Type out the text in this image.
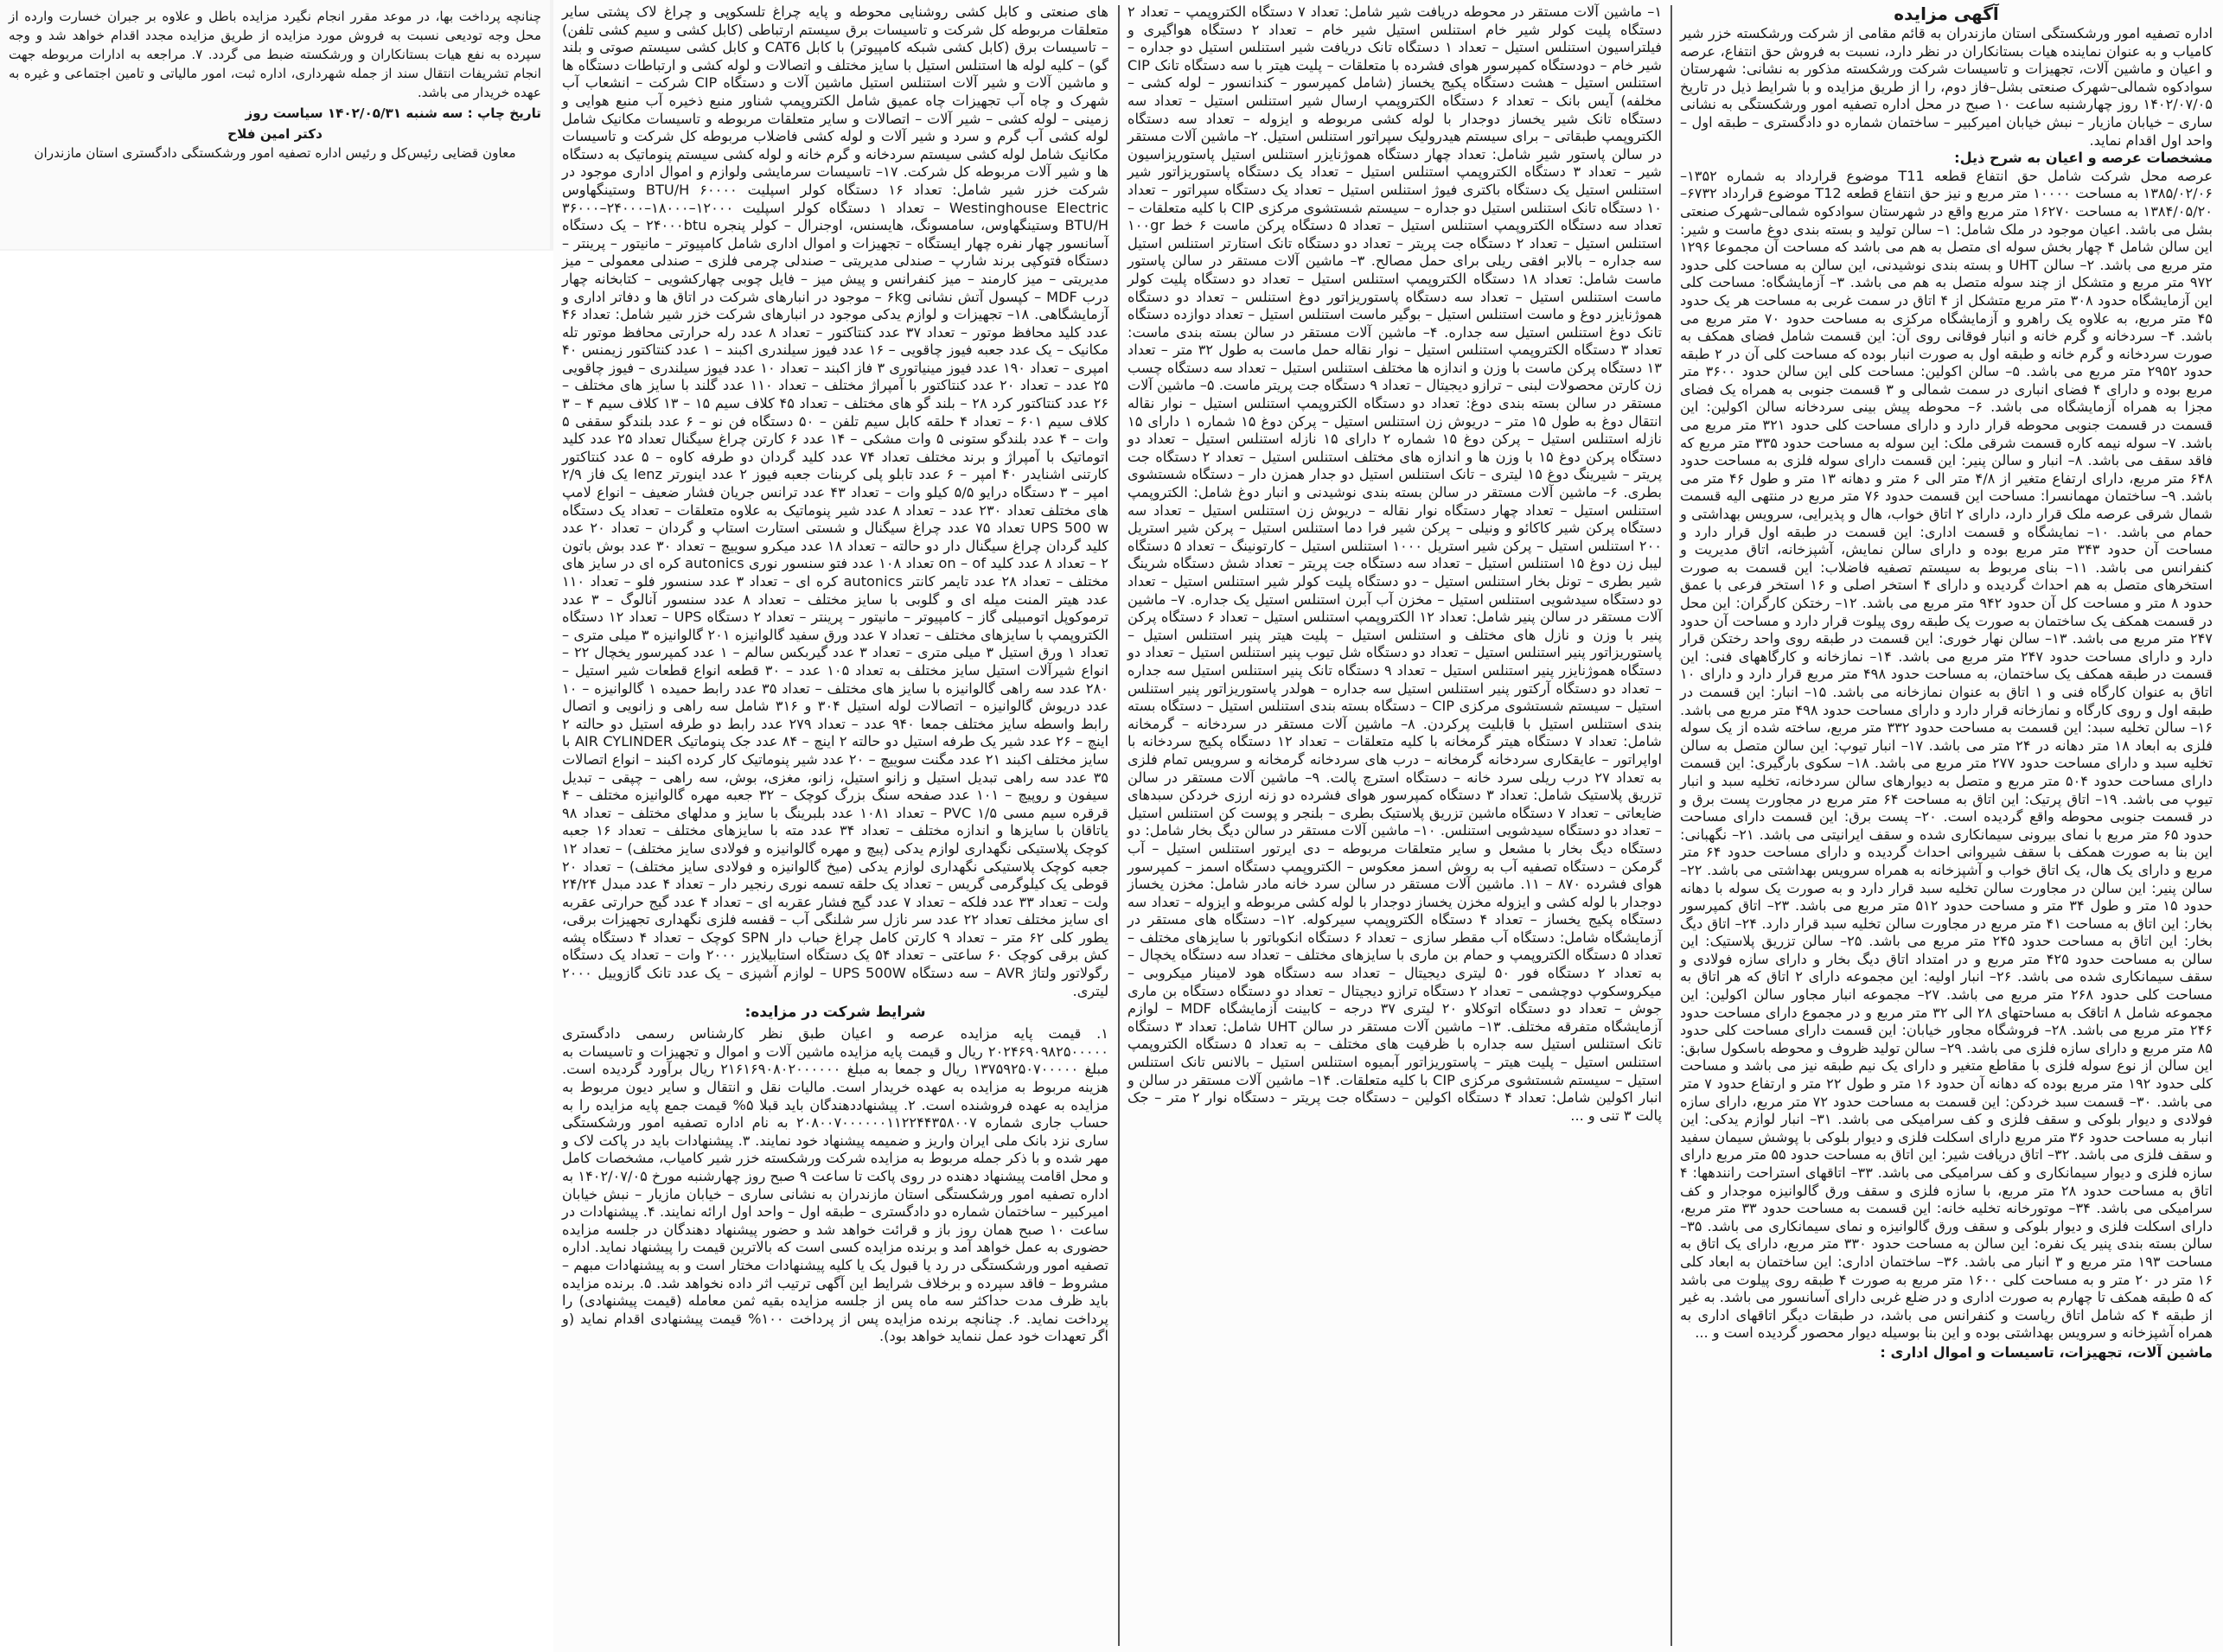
چنانچه پرداخت بها، در موعد مقرر انجام نگیرد مزایده باطل و علاوه بر جبران خسارت وارده از محل وجه تودیعی نسبت به فروش مورد مزایده از طریق مزایده مجدد اقدام خواهد شد و وجه سپرده به نفع هیات بستانکاران و ورشکسته ضبط می گردد. ۷. مراجعه به ادارات مربوطه جهت انجام تشریفات انتقال سند از جمله شهرداری، اداره ثبت، امور مالیاتی و تامین اجتماعی و غیره به عهده خریدار می باشد.
تاریخ چاپ : سه شنبه ۱۴۰۲/۰۵/۳۱ سیاست روز
دکتر امین فلاح
معاون قضایی رئیس‌کل و رئیس اداره تصفیه امور ورشکستگی دادگستری استان مازندران
آگهی مزایده
اداره تصفیه امور ورشکستگی استان مازندران به قائم مقامی از شرکت ورشکسته خزر شیر کامیاب و به عنوان نماینده هیات بستانکاران در نظر دارد، نسبت به فروش حق انتفاع، عرصه و اعیان و ماشین آلات، تجهیزات و تاسیسات شرکت ورشکسته مذکور به نشانی: شهرستان سوادکوه شمالی–شهرک صنعتی بشل–فاز دوم، را از طریق مزایده و با شرایط ذیل در تاریخ ۱۴۰۲/۰۷/۰۵ روز چهارشنبه ساعت ۱۰ صبح در محل اداره تصفیه امور ورشکستگی به نشانی ساری – خیابان مازیار – نبش خیابان امیرکبیر – ساختمان شماره دو دادگستری – طبقه اول – واحد اول اقدام نماید.
مشخصات عرصه و اعیان به شرح ذیل:
عرصه محل شرکت شامل حق انتفاع قطعه T11 موضوع قرارداد به شماره ۱۳۵۲–۱۳۸۵/۰۲/۰۶ به مساحت ۱۰۰۰۰ متر مربع و نیز حق انتفاع قطعه T12 موضوع قرارداد ۶۷۳۲–۱۳۸۴/۰۵/۲۰ به مساحت ۱۶۲۷۰ متر مربع واقع در شهرستان سوادکوه شمالی–شهرک صنعتی بشل می باشد. اعیان موجود در ملک شامل: ۱– سالن تولید و بسته بندی دوغ ماست و شیر: این سالن شامل ۴ چهار بخش سوله ای متصل به هم می باشد که مساحت آن مجموعا ۱۲۹۶ متر مربع می باشد. ۲– سالن UHT و بسته بندی نوشیدنی، این سالن به مساحت کلی حدود ۹۷۲ متر مربع و متشکل از چند سوله متصل به هم می باشد. ۳– آزمایشگاه: مساحت کلی این آزمایشگاه حدود ۳۰۸ متر مربع متشکل از ۴ اتاق در سمت غربی به مساحت هر یک حدود ۴۵ متر مربع، به علاوه یک راهرو و آزمایشگاه مرکزی به مساحت حدود ۷۰ متر مربع می باشد. ۴– سردخانه و گرم خانه و انبار فوقانی روی آن: این قسمت شامل فضای همکف به صورت سردخانه و گرم خانه و طبقه اول به صورت انبار بوده که مساحت کلی آن در ۲ طبقه حدود ۲۹۵۲ متر مربع می باشد. ۵– سالن اکولین: مساحت کلی این سالن حدود ۳۶۰۰ متر مربع بوده و دارای ۴ فضای انباری در سمت شمالی و ۳ قسمت جنوبی به همراه یک فضای مجزا به همراه آزمایشگاه می باشد. ۶– محوطه پیش بینی سردخانه سالن اکولین: این قسمت در قسمت جنوبی محوطه قرار دارد و دارای مساحت کلی حدود ۳۲۱ متر مربع می باشد. ۷– سوله نیمه کاره قسمت شرقی ملک: این سوله به مساحت حدود ۳۳۵ متر مربع که فاقد سقف می باشد. ۸– انبار و سالن پنیر: این قسمت دارای سوله فلزی به مساحت حدود ۶۴۸ متر مربع، دارای ارتفاع متغیر از ۴/۸ متر الی ۶ متر و دهانه ۱۳ متر و طول ۴۶ متر می باشد. ۹– ساختمان مهمانسرا: مساحت این قسمت حدود ۷۶ متر مربع در منتهی الیه قسمت شمال شرقی عرصه ملک قرار دارد، دارای ۲ اتاق خواب، هال و پذیرایی، سرویس بهداشتی و حمام می باشد. ۱۰– نمایشگاه و قسمت اداری: این قسمت در طبقه اول قرار دارد و مساحت آن حدود ۳۴۳ متر مربع بوده و دارای سالن نمایش، آشپزخانه، اتاق مدیریت و کنفرانس می باشد. ۱۱– بنای مربوط به سیستم تصفیه فاضلاب: این قسمت به صورت استخرهای متصل به هم احداث گردیده و دارای ۴ استخر اصلی و ۱۶ استخر فرعی با عمق حدود ۸ متر و مساحت کل آن حدود ۹۴۲ متر مربع می باشد. ۱۲– رختکن کارگران: این محل در قسمت همکف یک ساختمان به صورت یک طبقه روی پیلوت قرار دارد و مساحت آن حدود ۲۴۷ متر مربع می باشد. ۱۳– سالن نهار خوری: این قسمت در طبقه روی واحد رختکن قرار دارد و دارای مساحت حدود ۲۴۷ متر مربع می باشد. ۱۴– نمازخانه و کارگاههای فنی: این قسمت در طبقه همکف یک ساختمان، به مساحت حدود ۴۹۸ متر مربع قرار دارد و دارای ۱۰ اتاق به عنوان کارگاه فنی و ۱ اتاق به عنوان نمازخانه می باشد. ۱۵– انبار: این قسمت در طبقه اول و روی کارگاه و نمازخانه قرار دارد و دارای مساحت حدود ۴۹۸ متر مربع می باشد. ۱۶– سالن تخلیه سبد: این قسمت به مساحت حدود ۳۳۲ متر مربع، ساخته شده از یک سوله فلزی به ابعاد ۱۸ متر دهانه در ۲۴ متر می باشد. ۱۷– انبار تیوپ: این سالن متصل به سالن تخلیه سبد و دارای مساحت حدود ۲۷۷ متر مربع می باشد. ۱۸– سکوی بارگیری: این قسمت دارای مساحت حدود ۵۰۴ متر مربع و متصل به دیوارهای سالن سردخانه، تخلیه سبد و انبار تیوپ می باشد. ۱۹– اتاق پرتیک: این اتاق به مساحت ۶۴ متر مربع در مجاورت پست برق و در قسمت جنوبی محوطه واقع گردیده است. ۲۰– پست برق: این قسمت دارای مساحت حدود ۶۵ متر مربع با نمای بیرونی سیمانکاری شده و سقف ایرانیتی می باشد. ۲۱– نگهبانی: این بنا به صورت همکف با سقف شیروانی احداث گردیده و دارای مساحت حدود ۶۴ متر مربع و دارای یک هال، یک اتاق خواب و آشپزخانه به همراه سرویس بهداشتی می باشد. ۲۲– سالن پنیر: این سالن در مجاورت سالن تخلیه سبد قرار دارد و به صورت یک سوله با دهانه حدود ۱۵ متر و طول ۳۴ متر و مساحت حدود ۵۱۲ متر مربع می باشد. ۲۳– اتاق کمپرسور بخار: این اتاق به مساحت ۴۱ متر مربع در مجاورت سالن تخلیه سبد قرار دارد. ۲۴– اتاق دیگ بخار: این اتاق به مساحت حدود ۲۴۵ متر مربع می باشد. ۲۵– سالن تزریق پلاستیک: این سالن به مساحت حدود ۴۲۵ متر مربع و در امتداد اتاق دیگ بخار و دارای سازه فولادی و سقف سیمانکاری شده می باشد. ۲۶– انبار اولیه: این مجموعه دارای ۲ اتاق که هر اتاق به مساحت کلی حدود ۲۶۸ متر مربع می باشد. ۲۷– مجموعه انبار مجاور سالن اکولین: این مجموعه شامل ۸ اتاقک به مساحتهای ۲۸ الی ۳۲ متر مربع و در مجموع دارای مساحت حدود ۲۴۶ متر مربع می باشد. ۲۸– فروشگاه مجاور خیابان: این قسمت دارای مساحت کلی حدود ۸۵ متر مربع و دارای سازه فلزی می باشد. ۲۹– سالن تولید ظروف و محوطه باسکول سابق: این سالن از نوع سوله فلزی با مقاطع متغیر و دارای یک نیم طبقه نیز می باشد و مساحت کلی حدود ۱۹۲ متر مربع بوده که دهانه آن حدود ۱۶ متر و طول ۲۲ متر و ارتفاع حدود ۷ متر می باشد. ۳۰– قسمت سبد خردکن: این قسمت به مساحت حدود ۷۲ متر مربع، دارای سازه فولادی و دیوار بلوکی و سقف فلزی و کف سرامیکی می باشد. ۳۱– انبار لوازم یدکی: این انبار به مساحت حدود ۳۶ متر مربع دارای اسکلت فلزی و دیوار بلوکی با پوشش سیمان سفید و سقف فلزی می باشد. ۳۲– اتاق دریافت شیر: این اتاق به مساحت حدود ۵۵ متر مربع دارای سازه فلزی و دیوار سیمانکاری و کف سرامیکی می باشد. ۳۳– اتاقهای استراحت رانندهها: ۴ اتاق به مساحت حدود ۲۸ متر مربع، با سازه فلزی و سقف ورق گالوانیزه موجدار و کف سرامیکی می باشد. ۳۴– موتورخانه تخلیه خانه: این قسمت به مساحت حدود ۳۳ متر مربع، دارای اسکلت فلزی و دیوار بلوکی و سقف ورق گالوانیزه و نمای سیمانکاری می باشد. ۳۵– سالن بسته بندی پنیر یک نفره: این سالن به مساحت حدود ۳۳۰ متر مربع، دارای یک اتاق به مساحت ۱۹۳ متر مربع و ۳ انبار می باشد. ۳۶– ساختمان اداری: این ساختمان به ابعاد کلی ۱۶ متر در ۲۰ متر و به مساحت کلی ۱۶۰۰ متر مربع به صورت ۴ طبقه روی پیلوت می باشد که ۵ طبقه همکف تا چهارم به صورت اداری و در ضلع غربی دارای آسانسور می باشد. به غیر از طبقه ۴ که شامل اتاق ریاست و کنفرانس می باشد، در طبقات دیگر اتاقهای اداری به همراه آشپزخانه و سرویس بهداشتی بوده و این بنا بوسیله دیوار محصور گردیده است و ...
ماشین آلات، تجهیزات، تاسیسات و اموال اداری :
۱– ماشین آلات مستقر در محوطه دریافت شیر شامل: تعداد ۷ دستگاه الکتروپمپ – تعداد ۲ دستگاه پلیت کولر شیر خام استنلس استیل شیر خام – تعداد ۲ دستگاه هواگیری و فیلتراسیون استنلس استیل – تعداد ۱ دستگاه تانک دریافت شیر استنلس استیل دو جداره – شیر خام – دودستگاه کمپرسور هوای فشرده با متعلقات – پلیت هیتر با سه دستگاه تانک CIP استنلس استیل – هشت دستگاه پکیج یخساز (شامل کمپرسور – کندانسور – لوله کشی – مخلفه) آیس بانک – تعداد ۶ دستگاه الکتروپمپ ارسال شیر استنلس استیل – تعداد سه دستگاه تانک شیر یخساز دوجدار با لوله کشی مربوطه و ایزوله – تعداد سه دستگاه الکتروپمپ طبقاتی – برای سیستم هیدرولیک سپراتور استنلس استیل. ۲– ماشین آلات مستقر در سالن پاستور شیر شامل: تعداد چهار دستگاه هموژنایزر استنلس استیل پاستوریزاسیون شیر – تعداد ۳ دستگاه الکتروپمپ استنلس استیل – تعداد یک دستگاه پاستوریزاتور شیر استنلس استیل یک دستگاه باکتری فیوژ استنلس استیل – تعداد یک دستگاه سپراتور – تعداد ۱۰ دستگاه تانک استنلس استیل دو جداره – سیستم شستشوی مرکزی CIP با کلیه متعلقات – تعداد سه دستگاه الکتروپمپ استنلس استیل – تعداد ۵ دستگاه پرکن ماست ۶ خط ۱۰۰gr استنلس استیل – تعداد ۲ دستگاه جت پریتر – تعداد دو دستگاه تانک استارتر استنلس استیل سه جداره – بالابر افقی ریلی برای حمل مصالح. ۳– ماشین آلات مستقر در سالن پاستور ماست شامل: تعداد ۱۸ دستگاه الکتروپمپ استنلس استیل – تعداد دو دستگاه پلیت کولر ماست استنلس استیل – تعداد سه دستگاه پاستوریزاتور دوغ استنلس – تعداد دو دستگاه هموژنایزر دوغ و ماست استنلس استیل – بوگیر ماست استنلس استیل – تعداد دوازده دستگاه تانک دوغ استنلس استیل سه جداره. ۴– ماشین آلات مستقر در سالن بسته بندی ماست: تعداد ۳ دستگاه الکتروپمپ استنلس استیل – نوار نقاله حمل ماست به طول ۳۲ متر – تعداد ۱۳ دستگاه پرکن ماست با وزن و اندازه ها مختلف استنلس استیل – تعداد سه دستگاه چسب زن کارتن محصولات لبنی – ترازو دیجیتال – تعداد ۹ دستگاه جت پریتر ماست. ۵– ماشین آلات مستقر در سالن بسته بندی دوغ: تعداد دو دستگاه الکتروپمپ استنلس استیل – نوار نقاله انتقال دوغ به طول ۱۵ متر – دریوش زن استنلس استیل – پرکن دوغ ۱۵ شماره ۱ دارای ۱۵ نازله استنلس استیل – پرکن دوغ ۱۵ شماره ۲ دارای ۱۵ نازله استنلس استیل – تعداد دو دستگاه پرکن دوغ ۱۵ با وزن ها و اندازه های مختلف استنلس استیل – تعداد ۲ دستگاه جت پریتر – شیرینگ دوغ ۱۵ لیتری – تانک استنلس استیل دو جدار همزن دار – دستگاه شستشوی بطری. ۶– ماشین آلات مستقر در سالن بسته بندی نوشیدنی و انبار دوغ شامل: الکتروپمپ استنلس استیل – تعداد چهار دستگاه نوار نقاله – دریوش زن استنلس استیل – تعداد سه دستگاه پرکن شیر کاکائو و ونیلی – پرکن شیر فرا دما استنلس استیل – پرکن شیر استریل ۲۰۰ استنلس استیل – پرکن شیر استریل ۱۰۰۰ استنلس استیل – کارتونینگ – تعداد ۵ دستگاه لیبل زن دوغ ۱۵ استنلس استیل – تعداد سه دستگاه جت پریتر – تعداد شش دستگاه شرینگ شیر بطری – تونل بخار استنلس استیل – دو دستگاه پلیت کولر شیر استنلس استیل – تعداد دو دستگاه سیدشویی استنلس استیل – مخزن آب آبرن استنلس استیل یک جداره. ۷– ماشین آلات مستقر در سالن پنیر شامل: تعداد ۱۲ الکتروپمپ استنلس استیل – تعداد ۶ دستگاه پرکن پنیر با وزن و نازل های مختلف و استنلس استیل – پلیت هیتر پنیر استنلس استیل – پاستوریزاتور پنیر استنلس استیل – تعداد دو دستگاه شل تیوب پنیر استنلس استیل – تعداد دو دستگاه هموژنایزر پنیر استنلس استیل – تعداد ۹ دستگاه تانک پنیر استنلس استیل سه جداره – تعداد دو دستگاه آرکتور پنیر استنلس استیل سه جداره – هولدر پاستوریزاتور پنیر استنلس استیل – سیستم شستشوی مرکزی CIP – دستگاه بسته بندی استنلس استیل – دستگاه بسته بندی استنلس استیل با قابلیت پرکردن. ۸– ماشین آلات مستقر در سردخانه – گرمخانه شامل: تعداد ۷ دستگاه هیتر گرمخانه با کلیه متعلقات – تعداد ۱۲ دستگاه پکیج سردخانه با اواپراتور – عایقکاری سردخانه گرمخانه – درب های سردخانه گرمخانه و سرویس تمام فلزی به تعداد ۲۷ درب ریلی سرد خانه – دستگاه استرچ پالت. ۹– ماشین آلات مستقر در سالن تزریق پلاستیک شامل: تعداد ۳ دستگاه کمپرسور هوای فشرده دو زنه ارزی خردکن سبدهای ضایعاتی – تعداد ۷ دستگاه ماشین تزریق پلاستیک بطری – بلنجر و پوست کن استنلس استیل – تعداد دو دستگاه سیدشویی استنلس. ۱۰– ماشین آلات مستقر در سالن دیگ بخار شامل: دو دستگاه دیگ بخار با مشعل و سایر متعلقات مربوطه – دی ایرتور استنلس استیل – آب گرمکن – دستگاه تصفیه آب به روش اسمز معکوس – الکتروپمپ دستگاه اسمز – کمپرسور هوای فشرده ۸۷۰ – ۱۱. ماشین آلات مستقر در سالن سرد خانه مادر شامل: مخزن یخساز دوجدار با لوله کشی و ایزوله مخزن یخساز دوجدار با لوله کشی مربوطه و ایزوله – تعداد سه دستگاه پکیج یخساز – تعداد ۴ دستگاه الکتروپمپ سیرکوله. ۱۲– دستگاه های مستقر در آزمایشگاه شامل: دستگاه آب مقطر سازی – تعداد ۶ دستگاه انکوباتور با سایزهای مختلف – تعداد ۵ دستگاه الکتروپمپ و حمام بن ماری با سایزهای مختلف – تعداد سه دستگاه یخچال – به تعداد ۲ دستگاه فور ۵۰ لیتری دیجیتال – تعداد سه دستگاه هود لامینار میکروبی – میکروسکوپ دوچشمی – تعداد ۲ دستگاه ترازو دیجیتال – تعداد دو دستگاه دستگاه بن ماری جوش – تعداد دو دستگاه اتوکلاو ۲۰ لیتری ۳۷ درجه – کابینت آزمایشگاه MDF – لوازم آزمایشگاه متفرقه مختلف. ۱۳– ماشین آلات مستقر در سالن UHT شامل: تعداد ۳ دستگاه تانک استنلس استیل سه جداره با ظرفیت های مختلف – به تعداد ۵ دستگاه الکتروپمپ استنلس استیل – پلیت هیتر – پاستوریزاتور آبمیوه استنلس استیل – بالانس تانک استنلس استیل – سیستم شستشوی مرکزی CIP با کلیه متعلقات. ۱۴– ماشین آلات مستقر در سالن و انبار اکولین شامل: تعداد ۴ دستگاه اکولین – دستگاه جت پریتر – دستگاه نوار ۲ متر – جک پالت ۳ تنی و ...
های صنعتی و کابل کشی روشنایی محوطه و پایه چراغ تلسکوپی و چراغ لاک پشتی سایر متعلقات مربوطه کل شرکت و تاسیسات برق سیستم ارتباطی (کابل کشی و سیم کشی تلفن) – تاسیسات برق (کابل کشی شبکه کامپیوتر) با کابل CAT6 و کابل کشی سیستم صوتی و بلند گو) – کلیه لوله ها استنلس استیل با سایز مختلف و اتصالات و لوله کشی و ارتباطات دستگاه ها و ماشین آلات و شیر آلات استنلس استیل ماشین آلات و دستگاه CIP شرکت – انشعاب آب شهرک و چاه آب تجهیزات چاه عمیق شامل الکتروپمپ شناور منبع ذخیره آب منبع هوایی و زمینی – لوله کشی – شیر آلات – اتصالات و سایر متعلقات مربوطه و تاسیسات مکانیک شامل لوله کشی آب گرم و سرد و شیر آلات و لوله کشی فاضلاب مربوطه کل شرکت و تاسیسات مکانیک شامل لوله کشی سیستم سردخانه و گرم خانه و لوله کشی سیستم پنوماتیک به دستگاه ها و شیر آلات مربوطه کل شرکت. ۱۷– تاسیسات سرمایشی ولوازم و اموال اداری موجود در شرکت خزر شیر شامل: تعداد ۱۶ دستگاه کولر اسپلیت ۶۰۰۰۰ BTU/H وستینگهاوس Westinghouse Electric – تعداد ۱ دستگاه کولر اسپلیت ۱۲۰۰۰–۱۸۰۰۰–۲۴۰۰۰–۳۶۰۰۰ BTU/H وستینگهاوس، سامسونگ، هایسنس، اوجنرال – کولر پنجره ۲۴۰۰۰btu – یک دستگاه آسانسور چهار نفره چهار ایستگاه – تجهیزات و اموال اداری شامل کامپیوتر – مانیتور – پرینتر – دستگاه فتوکپی برند شارپ – صندلی مدیریتی – صندلی چرمی فلزی – صندلی معمولی – میز مدیریتی – میز کارمند – میز کنفرانس و پیش میز – فایل چوبی چهارکشویی – کتابخانه چهار درب MDF – کپسول آتش نشانی ۶kg – موجود در انبارهای شرکت در اتاق ها و دفاتر اداری و آزمایشگاهی. ۱۸– تجهیزات و لوازم یدکی موجود در انبارهای شرکت خزر شیر شامل: تعداد ۴۶ عدد کلید محافظ موتور – تعداد ۳۷ عدد کنتاکتور – تعداد ۸ عدد رله حرارتی محافظ موتور تله مکانیک – یک عدد جعبه فیوز چاقویی – ۱۶ عدد فیوز سیلندری اکبند – ۱ عدد کنتاکتور زیمنس ۴۰ امپری – تعداد ۱۹۰ عدد فیوز مینیاتوری ۳ فاز اکبند – تعداد ۱۰ عدد فیوز سیلندری – فیوز چاقویی ۲۵ عدد – تعداد ۲۰ عدد کنتاکتور با آمپراژ مختلف – تعداد ۱۱۰ عدد گلند با سایز های مختلف – ۲۶ عدد کنتاکتور کرد ۲۸ – بلند گو های مختلف – تعداد ۴۵ کلاف سیم ۱۵ – ۱۳ کلاف سیم ۴ – ۳ کلاف سیم ۶۰۱ – تعداد ۴ حلقه کابل سیم تلفن – ۵۰ دستگاه فن نو – ۶ عدد بلندگو سقفی ۵ وات – ۴ عدد بلندگو ستونی ۵ وات مشکی – ۱۴ عدد ۶ کارتن چراغ سیگنال تعداد ۲۵ عدد کلید اتوماتیک با آمپراژ و برند مختلف تعداد ۷۴ عدد کلید گردان دو طرفه کاوه – ۵ عدد کنتاکتور کارتنی اشنایدر ۴۰ امپر – ۶ عدد تابلو پلی کربنات جعبه فیوز ۲ عدد اینورتر lenz یک فاز ۲/۹ امپر – ۳ دستگاه درایو ۵/۵ کیلو وات – تعداد ۴۳ عدد ترانس جریان فشار ضعیف – انواع لامپ های مختلف تعداد ۲۳۰ عدد – تعداد ۸ عدد شیر پنوماتیک به علاوه متعلقات – تعداد یک دستگاه UPS 500 w تعداد ۷۵ عدد چراغ سیگنال و شستی استارت استاپ و گردان – تعداد ۲۰ عدد کلید گردان چراغ سیگنال دار دو حالته – تعداد ۱۸ عدد میکرو سوییچ – تعداد ۳۰ عدد بوش باتون ۲ – تعداد ۸ عدد کلید on – of تعداد ۱۰۸ عدد فتو سنسور نوری autonics کره ای در سایز های مختلف – تعداد ۲۸ عدد تایمر کانتر autonics کره ای – تعداد ۳ عدد سنسور فلو – تعداد ۱۱۰ عدد هیتر المنت میله ای و گلوبی با سایز مختلف – تعداد ۸ عدد سنسور آنالوگ – ۳ عدد ترموکوپل اتومبیلی گاز – کامپیوتر – مانیتور – پرینتر – تعداد ۲ دستگاه UPS – تعداد ۱۲ دستگاه الکتروپمپ با سایزهای مختلف – تعداد ۷ عدد ورق سفید گالوانیزه ۲۰۱ گالوانیزه ۳ میلی متری – تعداد ۱ ورق استیل ۳ میلی متری – تعداد ۳ عدد گیربکس سالم – ۱ عدد کمپرسور یخچال ۲۲ – انواع شیرآلات استیل سایز مختلف به تعداد ۱۰۵ عدد – ۳۰ قطعه انواع قطعات شیر استیل – ۲۸۰ عدد سه راهی گالوانیزه با سایز های مختلف – تعداد ۳۵ عدد رابط حمیده ۱ گالوانیزه – ۱۰ عدد دریوش گالوانیزه – اتصالات لوله استیل ۳۰۴ و ۳۱۶ شامل سه راهی و زانویی و اتصال رابط واسطه سایز مختلف جمعا ۹۴۰ عدد – تعداد ۲۷۹ عدد رابط دو طرفه استیل دو حالته ۲ اینچ – ۲۶ عدد شیر یک طرفه استیل دو حالته ۲ اینچ – ۸۴ عدد جک پنوماتیک AIR CYLINDER با سایز مختلف اکبند ۲۱ عدد مگنت سوییچ – ۲۰ عدد شیر پنوماتیک کار کرده اکبند – انواع اتصالات ۳۵ عدد سه راهی تبدیل استیل و زانو استیل، زانو، مغزی، بوش، سه راهی – چپقی – تبدیل سیفون و روپیچ – ۱۰۱ عدد صفحه سنگ بزرگ کوچک – ۳۲ جعبه مهره گالوانیزه مختلف – ۴ قرقره سیم مسی ۱/۵ PVC – تعداد ۱۰۸۱ عدد بلبرینگ با سایز و مدلهای مختلف – تعداد ۹۸ یاتاقان با سایزها و اندازه مختلف – تعداد ۳۴ عدد مته با سایزهای مختلف – تعداد ۱۶ جعبه کوچک پلاستیکی نگهداری لوازم یدکی (پیچ و مهره گالوانیزه و فولادی سایز مختلف) – تعداد ۱۲ جعبه کوچک پلاستیکی نگهداری لوازم یدکی (میخ گالوانیزه و فولادی سایز مختلف) – تعداد ۲۰ قوطی یک کیلوگرمی گریس – تعداد یک حلقه تسمه نوری رنجیر دار – تعداد ۴ عدد مبدل ۲۴/۲۴ ولت – تعداد ۳۳ عدد فلکه – تعداد ۷ عدد گیج فشار عقربه ای – تعداد ۴ عدد گیج حرارتی عقربه ای سایز مختلف تعداد ۲۲ عدد سر نازل سر شلنگی آب – قفسه فلزی نگهداری تجهیزات برقی، یطور کلی ۶۲ متر – تعداد ۹ کارتن کامل چراغ حباب دار SPN کوچک – تعداد ۴ دستگاه پشه کش برقی کوچک ۶۰ ساعتی – تعداد ۵۴ یک دستگاه استابیلایزر ۲۰۰۰ وات – تعداد یک دستگاه رگولاتور ولتاژ AVR – سه دستگاه UPS 500W – لوازم آشپزی – یک عدد تانک گازوییل ۲۰۰۰ لیتری.
شرایط شرکت در مزایده:
۱. قیمت پایه مزایده عرصه و اعیان طبق نظر کارشناس رسمی دادگستری ۲۰۲۴۶۹۰۹۸۲۵۰۰۰۰۰ ریال و قیمت پایه مزایده ماشین آلات و اموال و تجهیزات و تاسیسات به مبلغ ۱۳۷۵۹۲۵۰۷۰۰۰۰۰ ریال و جمعا به مبلغ ۲۱۶۱۶۹۰۸۰۲۰۰۰۰۰۰ ریال برآورد گردیده است. هزینه مربوط به مزایده به عهده خریدار است. مالیات نقل و انتقال و سایر دیون مربوط به مزایده به عهده فروشنده است. ۲. پیشنهاددهندگان باید قبلا ۵% قیمت جمع پایه مزایده را به حساب جاری شماره ۲۰۸۰۰۷۰۰۰۰۰۰۱۱۲۲۴۴۳۵۸۰۰۷ به نام اداره تصفیه امور ورشکستگی ساری نزد بانک ملی ایران واریز و ضمیمه پیشنهاد خود نمایند. ۳. پیشنهادات باید در پاکت لاک و مهر شده و با ذکر جمله مربوط به مزایده شرکت ورشکسته خزر شیر کامیاب، مشخصات کامل و محل اقامت پیشنهاد دهنده در روی پاکت تا ساعت ۹ صبح روز چهارشنبه مورخ ۱۴۰۲/۰۷/۰۵ به اداره تصفیه امور ورشکستگی استان مازندران به نشانی ساری – خیابان مازیار – نبش خیابان امیرکبیر – ساختمان شماره دو دادگستری – طبقه اول – واحد اول ارائه نمایند. ۴. پیشنهادات در ساعت ۱۰ صبح همان روز باز و قرائت خواهد شد و حضور پیشنهاد دهندگان در جلسه مزایده حضوری به عمل خواهد آمد و برنده مزایده کسی است که بالاترین قیمت را پیشنهاد نماید. اداره تصفیه امور ورشکستگی در رد یا قبول یک یا کلیه پیشنهادات مختار است و به پیشنهادات مبهم – مشروط – فاقد سپرده و برخلاف شرایط این آگهی ترتیب اثر داده نخواهد شد. ۵. برنده مزایده باید ظرف مدت حداکثر سه ماه پس از جلسه مزایده بقیه ثمن معامله (قیمت پیشنهادی) را پرداخت نماید. ۶. چنانچه برنده مزایده پس از پرداخت ۱۰۰% قیمت پیشنهادی اقدام نماید (و اگر تعهدات خود عمل ننماید خواهد بود).
